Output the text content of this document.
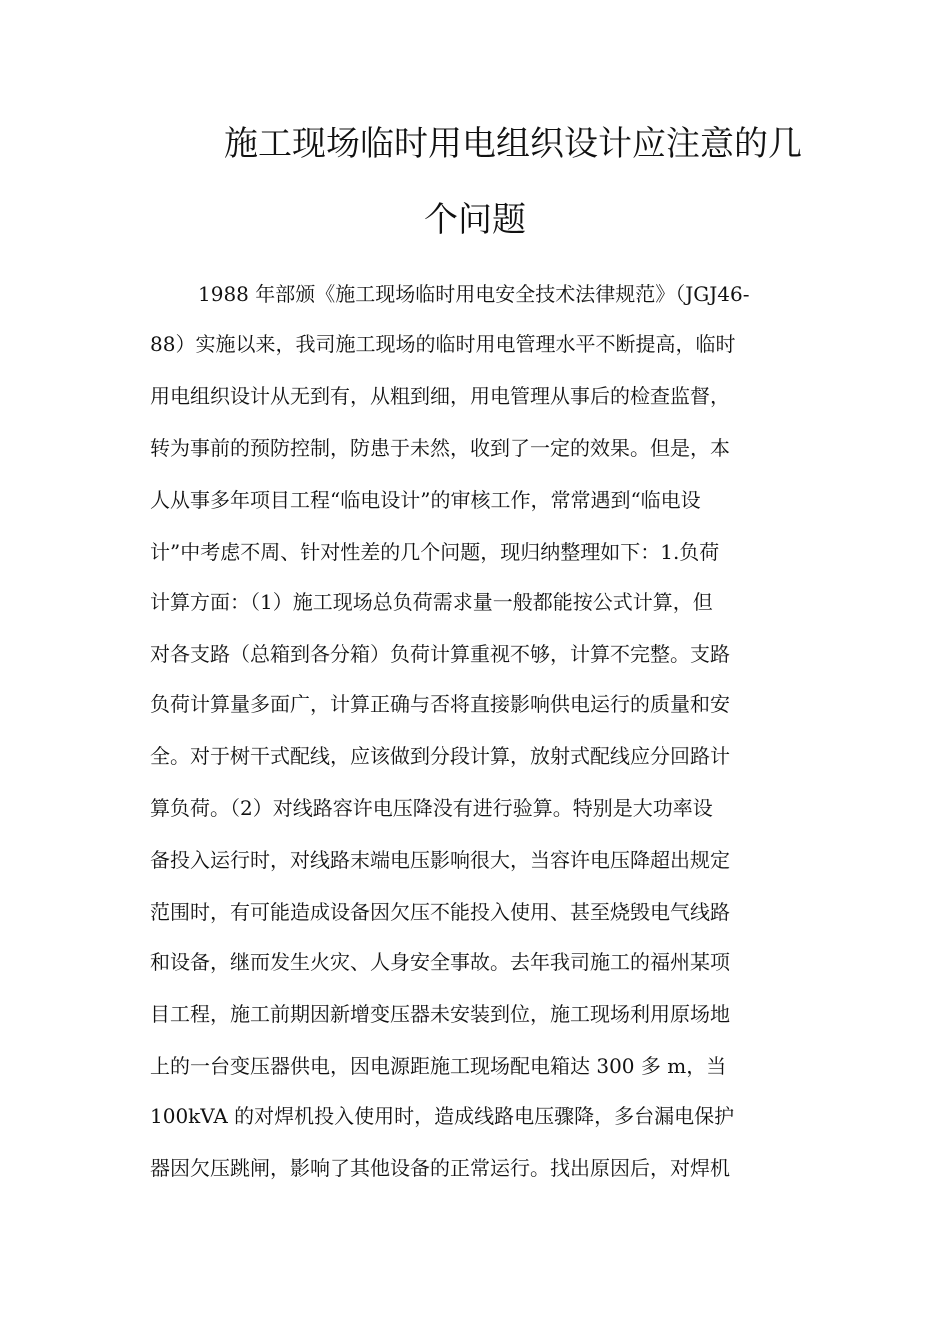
施工现场临时用电组织设计应注意的几
个问题
1988 年部颁《施工现场临时用电安全技术法律规范》（JGJ46-
88）实施以来，我司施工现场的临时用电管理水平不断提高，临时
用电组织设计从无到有，从粗到细，用电管理从事后的检查监督，
转为事前的预防控制，防患于未然，收到了一定的效果。但是，本
人从事多年项目工程“临电设计”的审核工作，常常遇到“临电设
计”中考虑不周、针对性差的几个问题，现归纳整理如下：1.负荷
计算方面：（1）施工现场总负荷需求量一般都能按公式计算，但
对各支路（总箱到各分箱）负荷计算重视不够，计算不完整。支路
负荷计算量多面广，计算正确与否将直接影响供电运行的质量和安
全。对于树干式配线，应该做到分段计算，放射式配线应分回路计
算负荷。（2）对线路容许电压降没有进行验算。特别是大功率设
备投入运行时，对线路末端电压影响很大，当容许电压降超出规定
范围时，有可能造成设备因欠压不能投入使用、甚至烧毁电气线路
和设备，继而发生火灾、人身安全事故。去年我司施工的福州某项
目工程，施工前期因新增变压器未安装到位，施工现场利用原场地
上的一台变压器供电，因电源距施工现场配电箱达 300 多 m，当
100kVA 的对焊机投入使用时，造成线路电压骤降，多台漏电保护
器因欠压跳闸，影响了其他设备的正常运行。找出原因后，对焊机
